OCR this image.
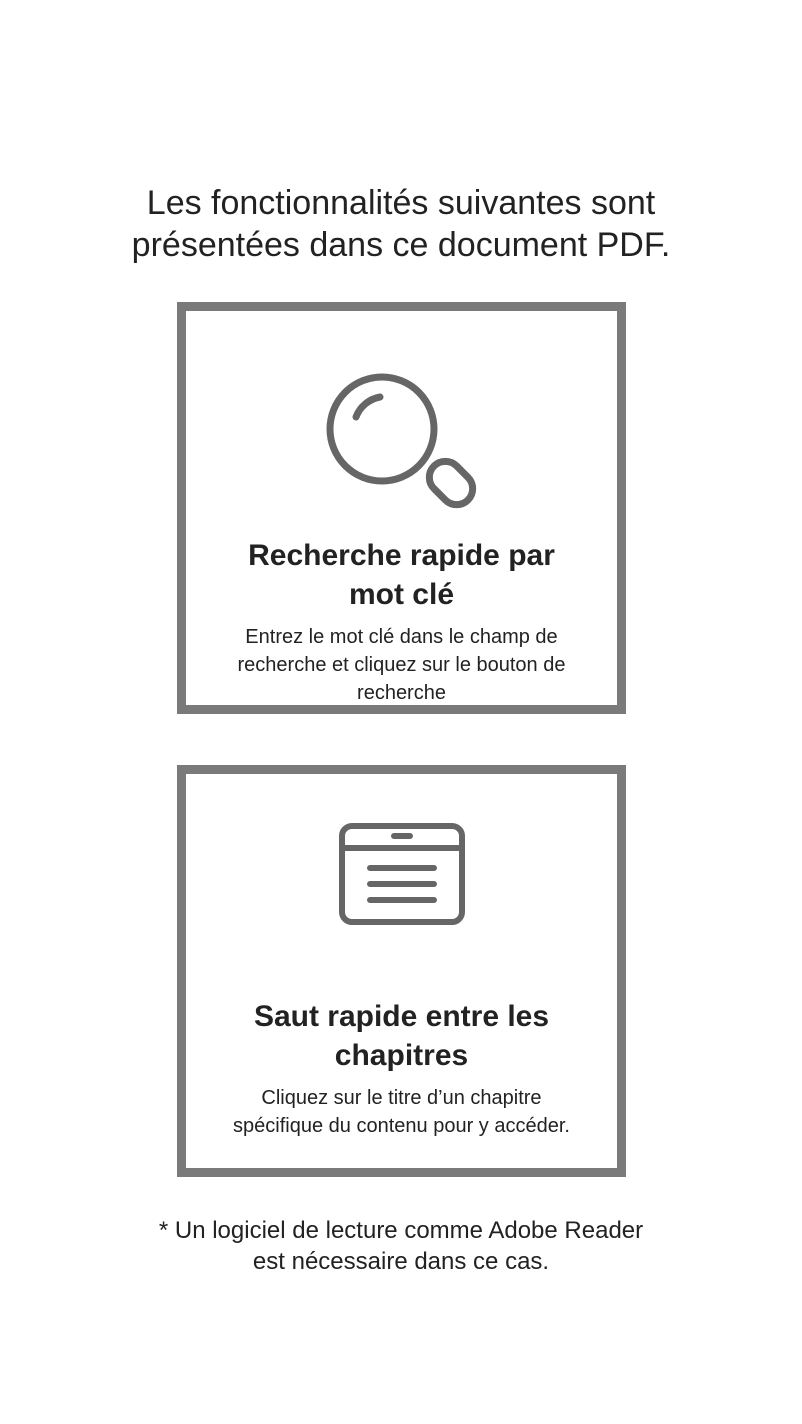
Les fonctionnalités suivantes sont
présentées dans ce document PDF.
Recherche rapide par
mot clé
Entrez le mot clé dans le champ de
recherche et cliquez sur le bouton de
recherche
Saut rapide entre les
chapitres
Cliquez sur le titre d’un chapitre
spécifique du contenu pour y accéder.
* Un logiciel de lecture comme Adobe Reader
est nécessaire dans ce cas.
